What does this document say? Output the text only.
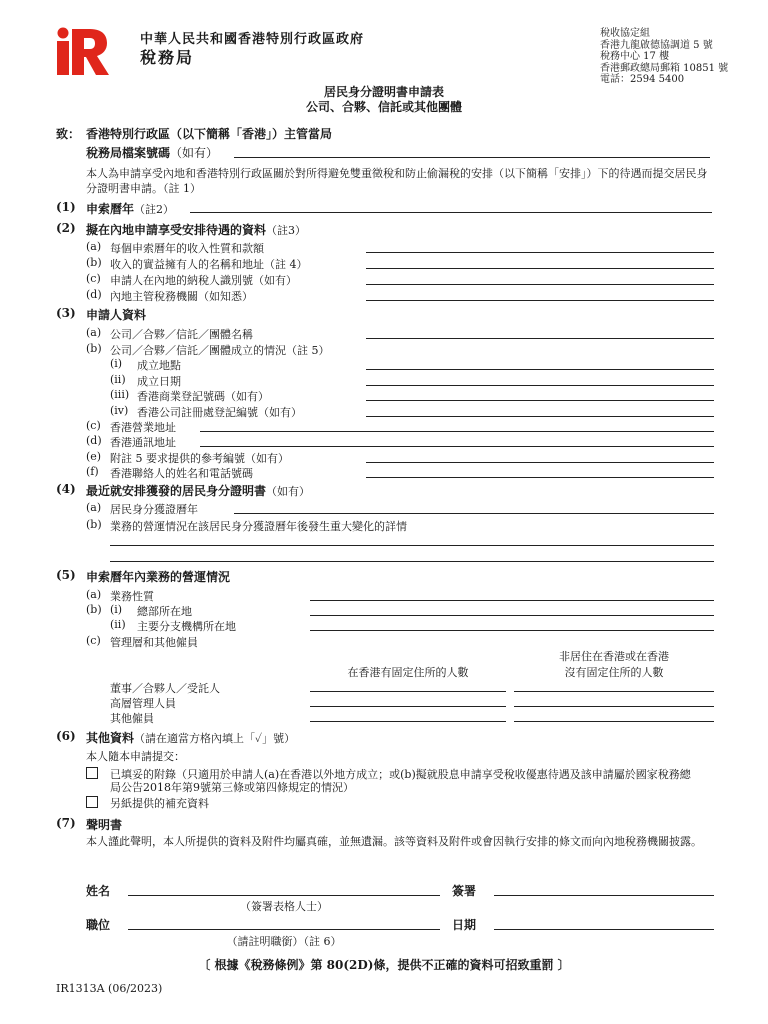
中華人民共和國香港特別行政區政府
稅務局
稅收協定組
香港九龍啟德協調道 5 號
稅務中心 17 樓
香港郵政總局郵箱 10851 號
電話：2594 5400
居民身分證明書申請表
公司、合夥、信託或其他團體
致： 香港特別行政區（以下簡稱「香港」）主管當局
稅務局檔案號碼（如有）
本人為申請享受內地和香港特別行政區關於對所得避免雙重徵稅和防止偷漏稅的安排（以下簡稱「安排」）下的待遇而提交居民身分證明書申請。（註 1）
(1) 申索曆年（註2）
(2) 擬在內地申請享受安排待遇的資料（註3）
(a) 每個申索曆年的收入性質和款額
(b) 收入的實益擁有人的名稱和地址（註 4）
(c) 申請人在內地的納稅人識別號（如有）
(d) 內地主管稅務機關（如知悉）
(3) 申請人資料
(a) 公司／合夥／信託／團體名稱
(b) 公司／合夥／信託／團體成立的情況（註 5）
(i) 成立地點
(ii) 成立日期
(iii) 香港商業登記號碼（如有）
(iv) 香港公司註冊處登記編號（如有）
(c) 香港營業地址
(d) 香港通訊地址
(e) 附註 5 要求提供的參考編號（如有）
(f) 香港聯絡人的姓名和電話號碼
(4) 最近就安排獲發的居民身分證明書（如有）
(a) 居民身分獲證曆年
(b) 業務的營運情況在該居民身分獲證曆年後發生重大變化的詳情
(5) 申索曆年內業務的營運情況
(a) 業務性質
(b) (i) 總部所在地
(ii) 主要分支機構所在地
(c) 管理層和其他僱員
非居住在香港或在香港
在香港有固定住所的人數	沒有固定住所的人數
董事／合夥人／受託人
高層管理人員
其他僱員
(6) 其他資料（請在適當方格內填上「✓」號）
本人隨本申請提交：
已填妥的附錄（只適用於申請人(a)在香港以外地方成立；或(b)擬就股息申請享受稅收優惠待遇及該申請屬於國家稅務總
局公告2018年第9號第三條或第四條規定的情況）
另紙提供的補充資料
(7) 聲明書
本人謹此聲明，本人所提供的資料及附件均屬真確，並無遺漏。該等資料及附件或會因執行安排的條文而向內地稅務機關披露。
姓名
（簽署表格人士）
簽署
職位
（請註明職銜）（註 6）
日期
〔 根據《稅務條例》第 80(2D)條，提供不正確的資料可招致重罰 〕
IR1313A (06/2023)
